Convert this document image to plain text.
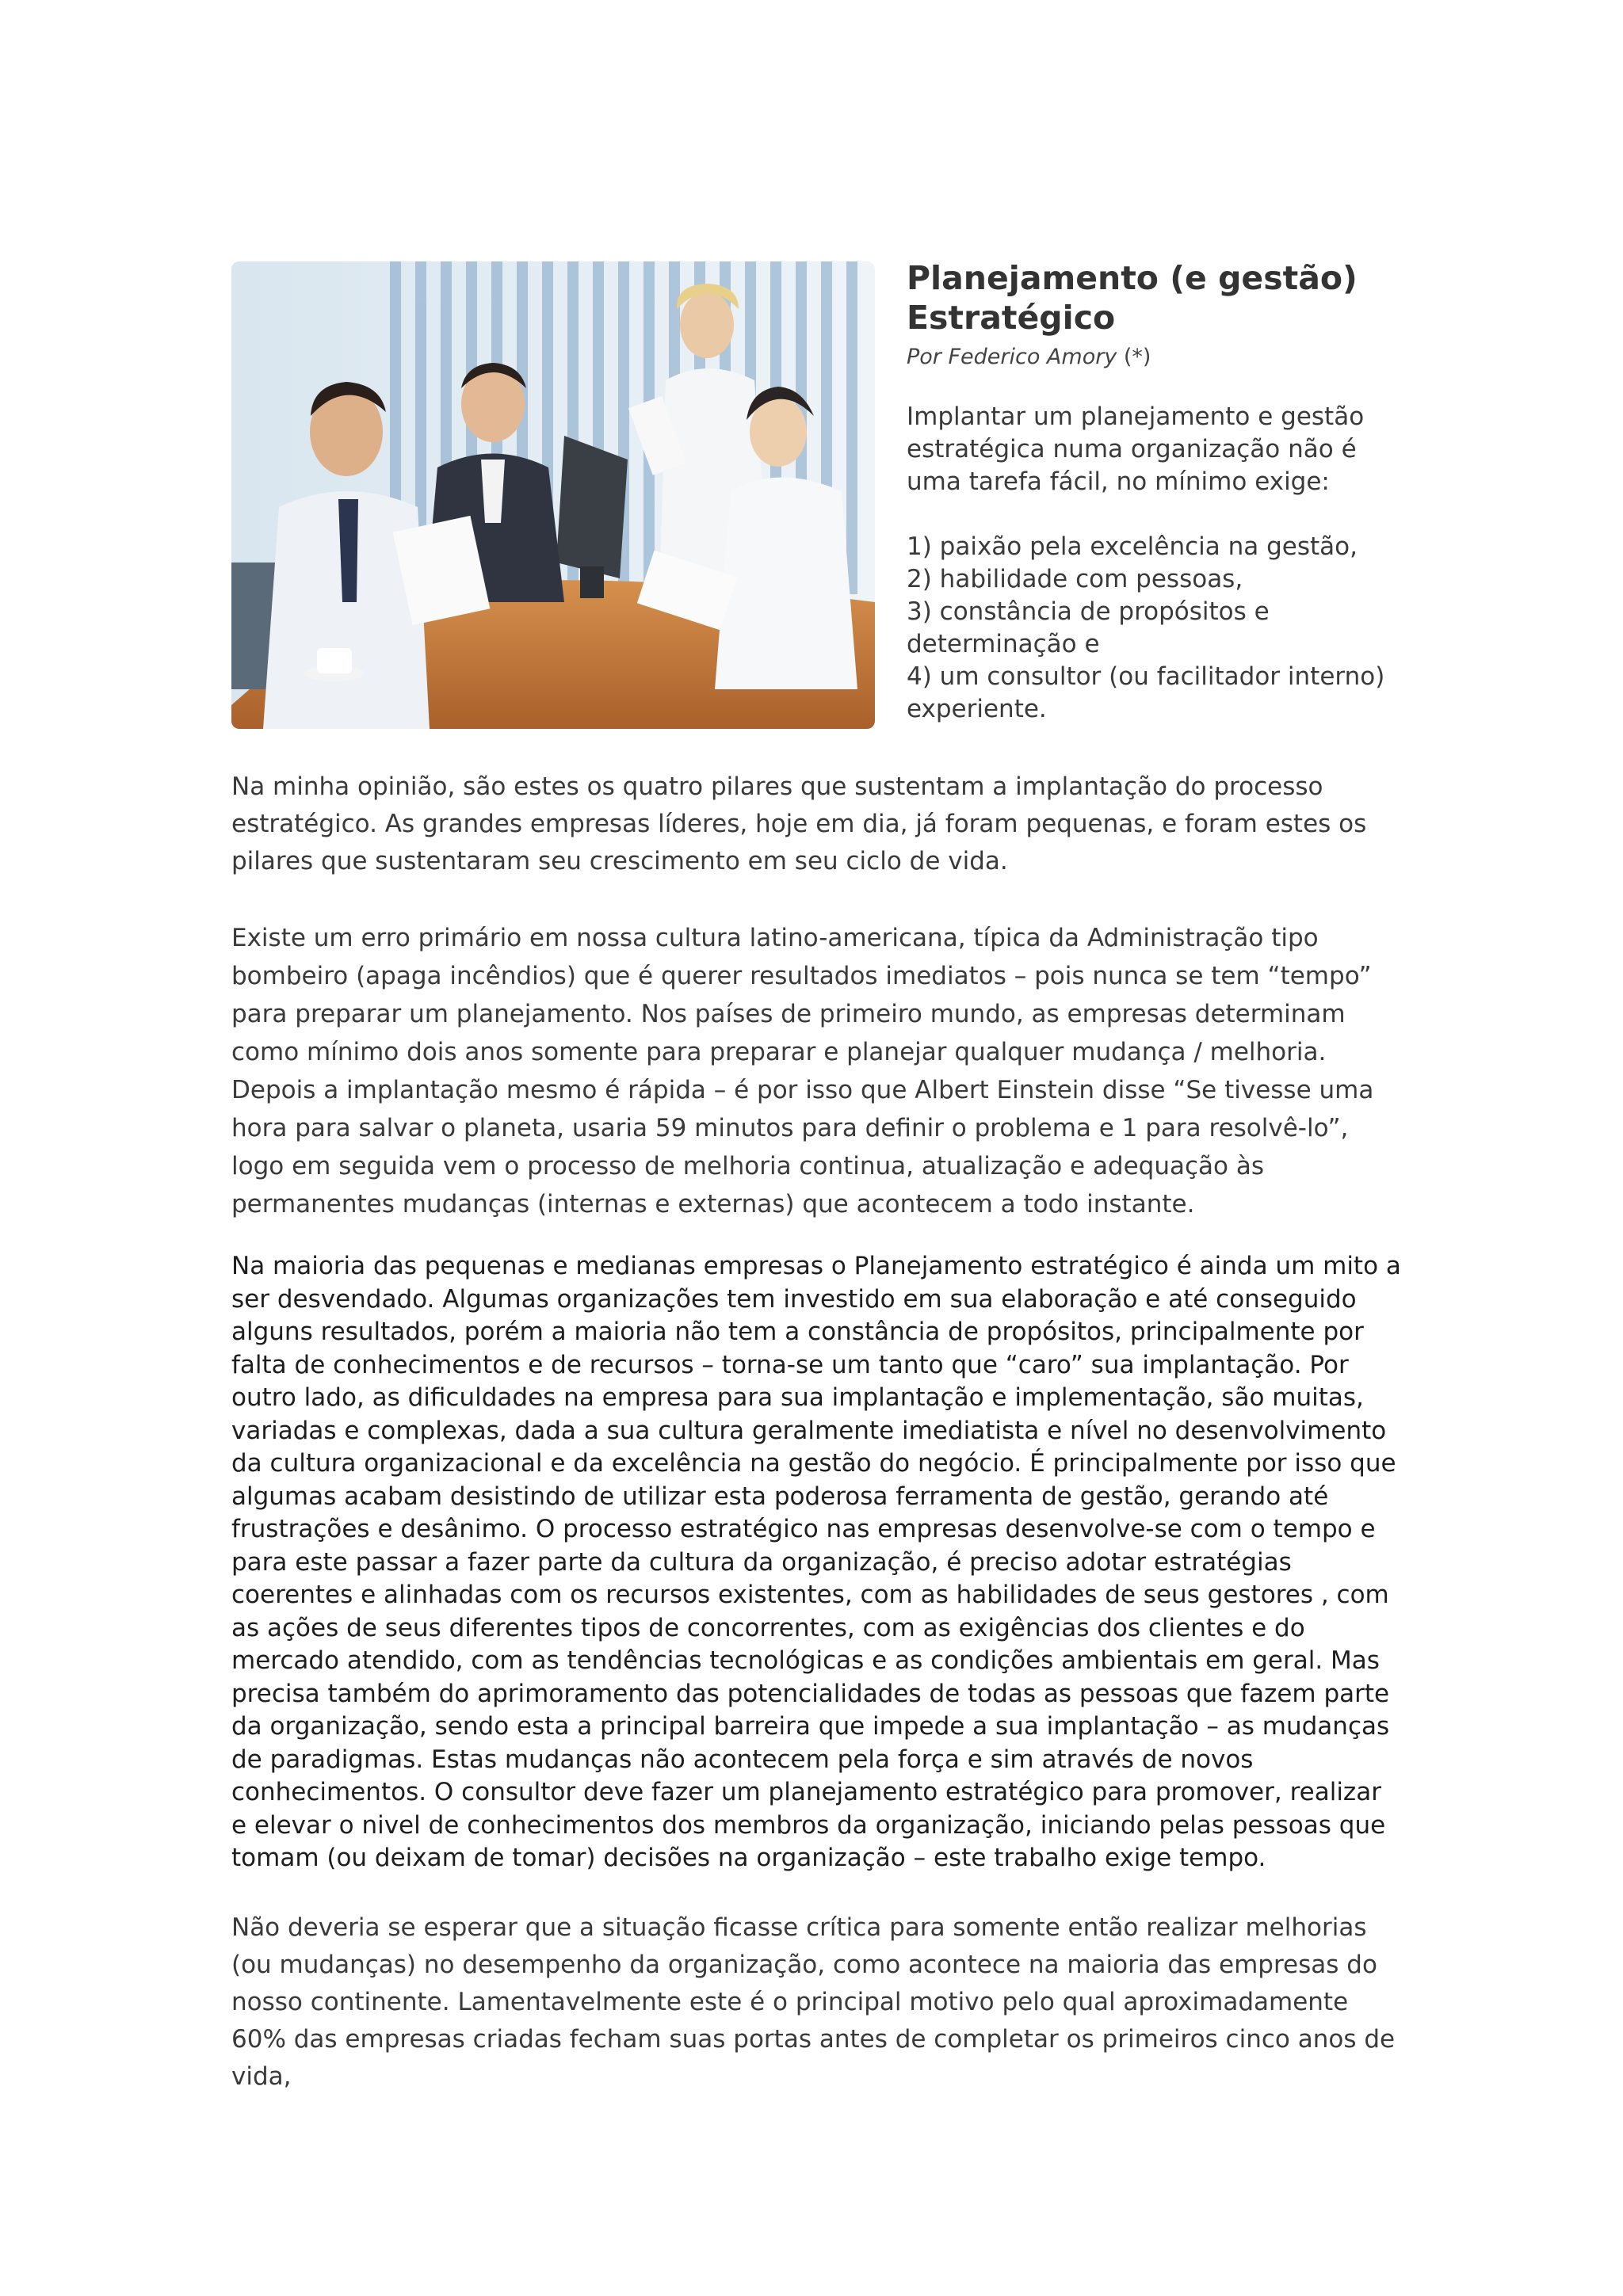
Planejamento (e gestão)
Estratégico

Por Federico Amory (*)

Implantar um planejamento e gestão estratégica numa organização não é uma tarefa fácil, no mínimo exige:

1) paixão pela excelência na gestão,
2) habilidade com pessoas,
3) constância de propósitos e determinação e
4) um consultor (ou facilitador interno) experiente.

Na minha opinião, são estes os quatro pilares que sustentam a implantação do processo estratégico. As grandes empresas líderes, hoje em dia, já foram pequenas, e foram estes os pilares que sustentaram seu crescimento em seu ciclo de vida.

Existe um erro primário em nossa cultura latino-americana, típica da Administração tipo bombeiro (apaga incêndios) que é querer resultados imediatos – pois nunca se tem “tempo” para preparar um planejamento. Nos países de primeiro mundo, as empresas determinam como mínimo dois anos somente para preparar e planejar qualquer mudança / melhoria. Depois a implantação mesmo é rápida – é por isso que Albert Einstein disse “Se tivesse uma hora para salvar o planeta, usaria 59 minutos para definir o problema e 1 para resolvê-lo”, logo em seguida vem o processo de melhoria continua, atualização e adequação às permanentes mudanças (internas e externas) que acontecem a todo instante.

Na maioria das pequenas e medianas empresas o Planejamento estratégico é ainda um mito a ser desvendado. Algumas organizações tem investido em sua elaboração e até conseguido alguns resultados, porém a maioria não tem a constância de propósitos, principalmente por falta de conhecimentos e de recursos – torna-se um tanto que “caro” sua implantação. Por outro lado, as dificuldades na empresa para sua implantação e implementação, são muitas, variadas e complexas, dada a sua cultura geralmente imediatista e nível no desenvolvimento da cultura organizacional e da excelência na gestão do negócio. É principalmente por isso que algumas acabam desistindo de utilizar esta poderosa ferramenta de gestão, gerando até frustrações e desânimo. O processo estratégico nas empresas desenvolve-se com o tempo e para este passar a fazer parte da cultura da organização, é preciso adotar estratégias coerentes e alinhadas com os recursos existentes, com as habilidades de seus gestores , com as ações de seus diferentes tipos de concorrentes, com as exigências dos clientes e do mercado atendido, com as tendências tecnológicas e as condições ambientais em geral. Mas precisa também do aprimoramento das potencialidades de todas as pessoas que fazem parte da organização, sendo esta a principal barreira que impede a sua implantação – as mudanças de paradigmas. Estas mudanças não acontecem pela força e sim através de novos conhecimentos. O consultor deve fazer um planejamento estratégico para promover, realizar e elevar o nivel de conhecimentos dos membros da organização, iniciando pelas pessoas que tomam (ou deixam de tomar) decisões na organização – este trabalho exige tempo.

Não deveria se esperar que a situação ficasse crítica para somente então realizar melhorias (ou mudanças) no desempenho da organização, como acontece na maioria das empresas do nosso continente. Lamentavelmente este é o principal motivo pelo qual aproximadamente 60% das empresas criadas fecham suas portas antes de completar os primeiros cinco anos de vida,
